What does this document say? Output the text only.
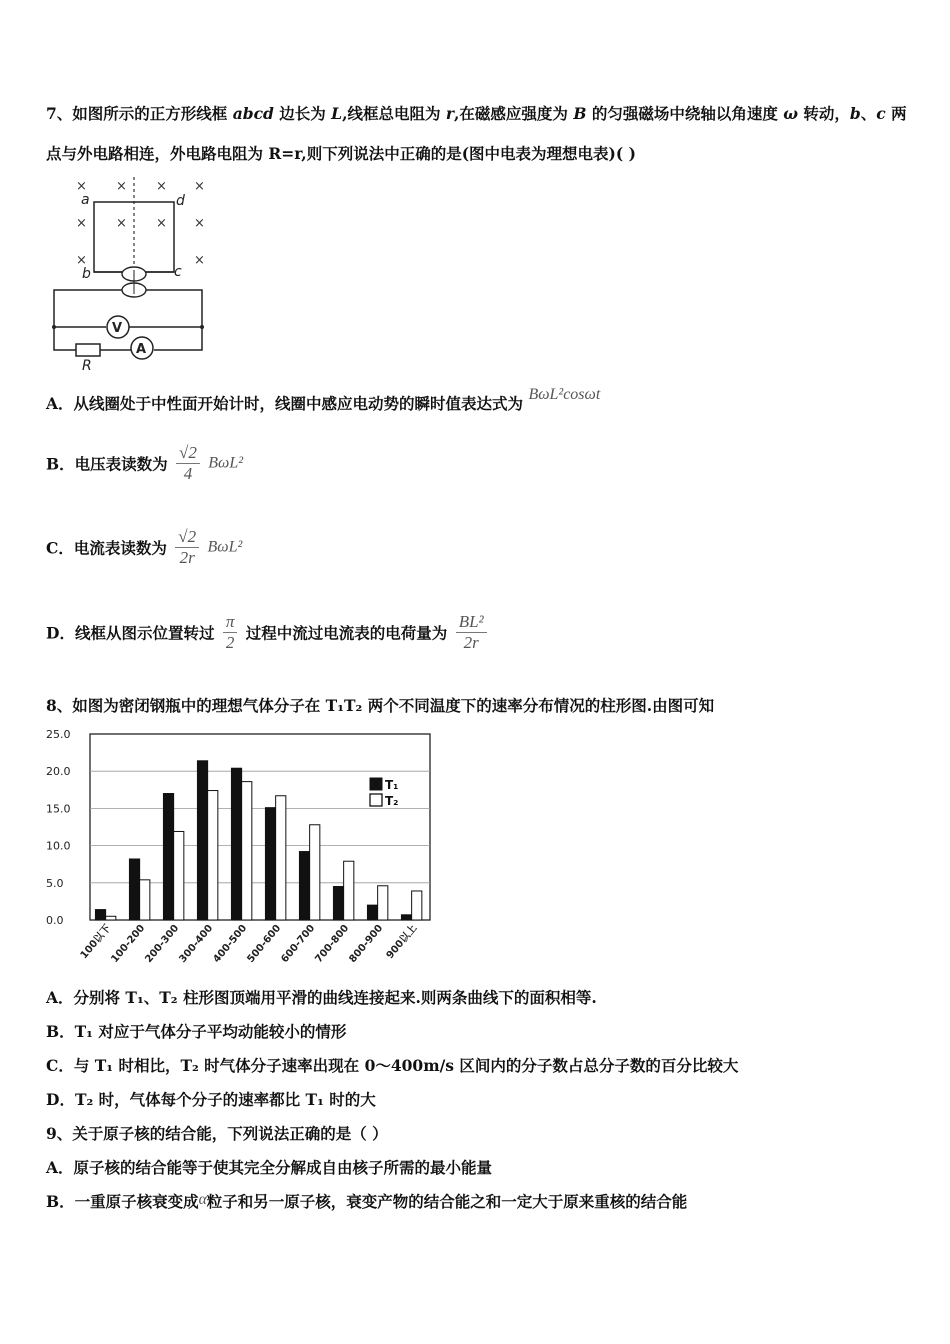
7、如图所示的正方形线框 abcd 边长为 L,线框总电阻为 r,在磁感应强度为 B 的匀强磁场中绕轴以角速度 ω 转动，b、c 两
点与外电路相连，外电路电阻为 R=r,则下列说法中正确的是(图中电表为理想电表)( )
× × × ×
× × × ×
×	×
a	d
b	c
V
A
R
A．从线圈处于中性面开始计时，线圈中感应电动势的瞬时值表达式为 BωL²cosωt
B．电压表读数为 $\frac{√2}{4} B\omega L^2$
C．电流表读数为 $\frac{√2}{2r} B\omega L^2$
D．线框从图示位置转过 $\frac{\pi}{2}$ 过程中流过电流表的电荷量为 $\frac{\text{BL²}}{2r}$
8、如图为密闭钢瓶中的理想气体分子在 T₁T₂ 两个不同温度下的速率分布情况的柱形图.由图可知
25.0
20.0
15.0
10.0
5.0
0.0
100以下
100-200
200-300
300-400
400-500
500-600
600-700
700-800
800-900 900以上
T₁
T₂
A．分别将 T₁、T₂ 柱形图顶端用平滑的曲线连接起来.则两条曲线下的面积相等.
B．T₁ 对应于气体分子平均动能较小的情形
C．与 T₁ 时相比，T₂ 时气体分子速率出现在 0～400m/s 区间内的分子数占总分子数的百分比较大
D．T₂ 时，气体每个分子的速率都比 T₁ 时的大
9、关于原子核的结合能，下列说法正确的是（ ）
A．原子核的结合能等于使其完全分解成自由核子所需的最小能量
B．一重原子核衰变成α粒子和另一原子核，衰变产物的结合能之和一定大于原来重核的结合能
